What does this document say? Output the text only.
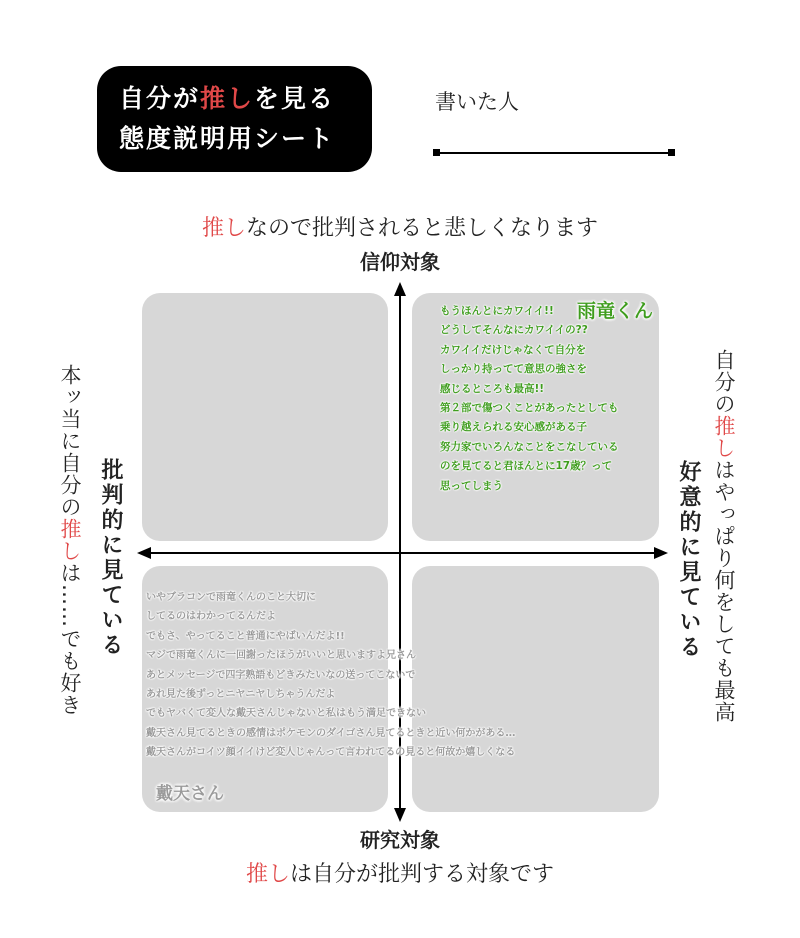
自分が推しを見る
態度説明用シート
書いた人
推しなので批判されると悲しくなります
信仰対象
もうほんとにカワイイ!!
どうしてそんなにカワイイの??
カワイイだけじゃなくて自分を
しっかり持ってて意思の強さを
感じるところも最高!!
第２部で傷つくことがあったとしても
乗り越えられる安心感がある子
努力家でいろんなことをこなしている
のを見てると君ほんとに17歳？って
思ってしまう
雨竜くん
いやブラコンで雨竜くんのこと大切に
してるのはわかってるんだよ
でもさ、やってること普通にやばいんだよ!!
マジで雨竜くんに一回謝ったほうがいいと思いますよ兄さん
あとメッセージで四字熟語もどきみたいなの送ってこないで
あれ見た後ずっとニヤニヤしちゃうんだよ
でもヤバくて変人な戴天さんじゃないと私はもう満足できない
戴天さん見てるときの感情はポケモンのダイゴさん見てるときと近い何かがある…
戴天さんがコイツ顔イイけど変人じゃんって言われてるの見ると何故か嬉しくなる
戴天さん
本ッ当に自分の推しは……でも好き 批判的に見ている	好意的に見ている
自分の推しはやっぱり何をしても最高
研究対象
推しは自分が批判する対象です
